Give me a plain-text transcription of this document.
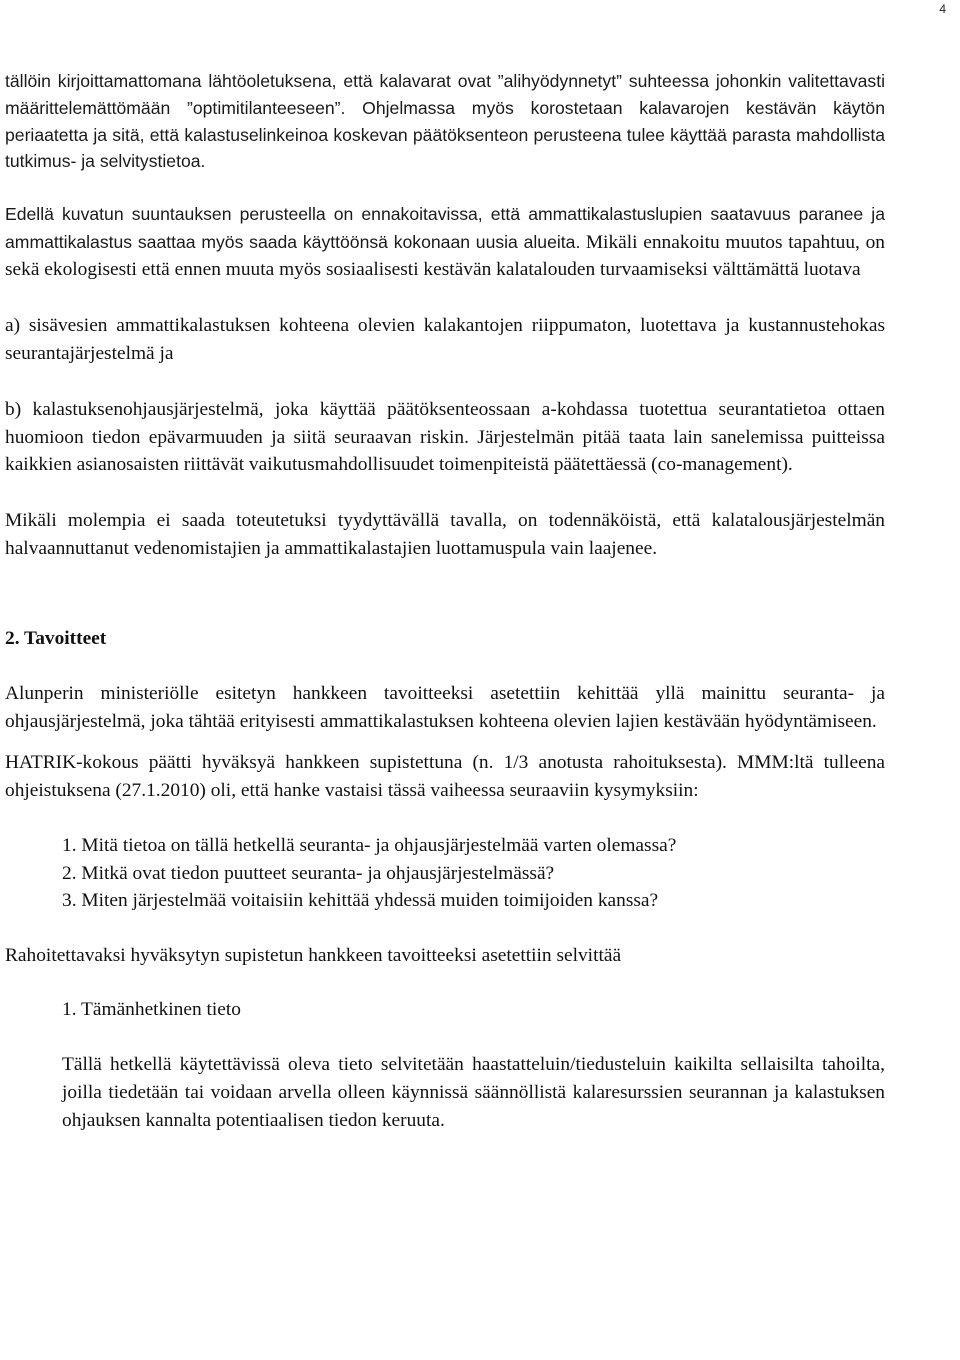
4

tällöin kirjoittamattomana lähtöoletuksena, että kalavarat ovat ”alihyödynnetyt” suhteessa johonkin valitettavasti määrittelemättömään ”optimitilanteeseen”. Ohjelmassa myös korostetaan kalavarojen kestävän käytön periaatetta ja sitä, että kalastuselinkeinoa koskevan päätöksenteon perusteena tulee käyttää parasta mahdollista tutkimus- ja selvitystietoa.

Edellä kuvatun suuntauksen perusteella on ennakoitavissa, että ammattikalastuslupien saatavuus paranee ja ammattikalastus saattaa myös saada käyttöönsä kokonaan uusia alueita. Mikäli ennakoitu muutos tapahtuu, on sekä ekologisesti että ennen muuta myös sosiaalisesti kestävän kalatalouden turvaamiseksi välttämättä luotava

a) sisävesien ammattikalastuksen kohteena olevien kalakantojen riippumaton, luotettava ja kustannustehokas seurantajärjestelmä ja

b) kalastuksenohjausjärjestelmä, joka käyttää päätöksenteossaan a-kohdassa tuotettua seurantatietoa ottaen huomioon tiedon epävarmuuden ja siitä seuraavan riskin. Järjestelmän pitää taata lain sanelemissa puitteissa kaikkien asianosaisten riittävät vaikutusmahdollisuudet toimenpiteistä päätettäessä (co-management).

Mikäli molempia ei saada toteutetuksi tyydyttävällä tavalla, on todennäköistä, että kalatalousjärjestelmän halvaannuttanut vedenomistajien ja ammattikalastajien luottamuspula vain laajenee.

2. Tavoitteet

Alunperin ministeriölle esitetyn hankkeen tavoitteeksi asetettiin kehittää yllä mainittu seuranta- ja ohjausjärjestelmä, joka tähtää erityisesti ammattikalastuksen kohteena olevien lajien kestävään hyödyntämiseen.

HATRIK-kokous päätti hyväksyä hankkeen supistettuna (n. 1/3 anotusta rahoituksesta). MMM:ltä tulleena ohjeistuksena (27.1.2010) oli, että hanke vastaisi tässä vaiheessa seuraaviin kysymyksiin:

1. Mitä tietoa on tällä hetkellä seuranta- ja ohjausjärjestelmää varten olemassa?
2. Mitkä ovat tiedon puutteet seuranta- ja ohjausjärjestelmässä?
3. Miten järjestelmää voitaisiin kehittää yhdessä muiden toimijoiden kanssa?

Rahoitettavaksi hyväksytyn supistetun hankkeen tavoitteeksi asetettiin selvittää

1. Tämänhetkinen tieto

Tällä hetkellä käytettävissä oleva tieto selvitetään haastatteluin/tiedusteluin kaikilta sellaisilta tahoilta, joilla tiedetään tai voidaan arvella olleen käynnissä säännöllistä kalaresurssien seurannan ja kalastuksen ohjauksen kannalta potentiaalisen tiedon keruuta.
